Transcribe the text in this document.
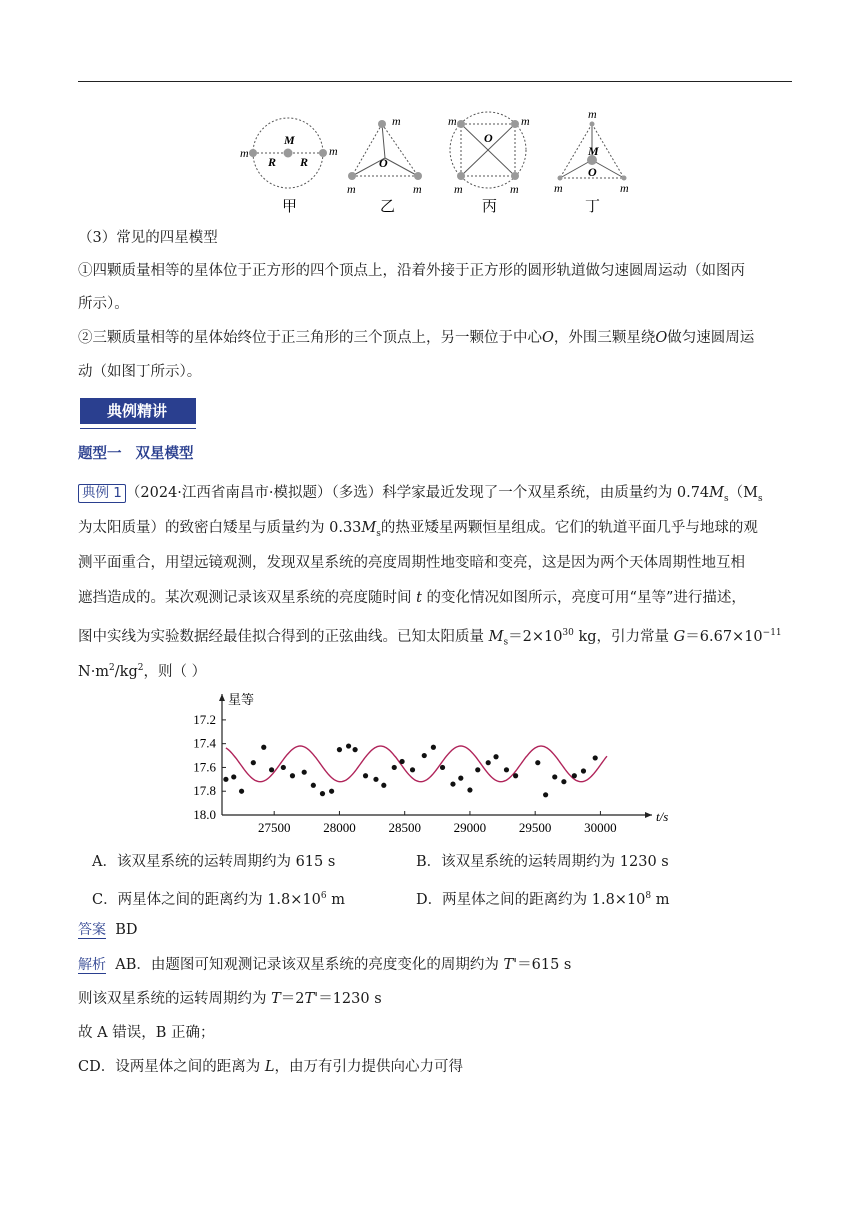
m	m
M
R R
甲
m
m	m
O
乙
m	m
m	m
O
丙
m
m	m
M
O
丁
（3）常见的四星模型
①四颗质量相等的星体位于正方形的四个顶点上，沿着外接于正方形的圆形轨道做匀速圆周运动（如图丙
所示）。
②三颗质量相等的星体始终位于正三角形的三个顶点上，另一颗位于中心O，外围三颗星绕O做匀速圆周运
动（如图丁所示）。
典例精讲
题型一 双星模型
典例 1 （2024·江西省南昌市·模拟题）（多选）科学家最近发现了一个双星系统，由质量约为 $0.74M_s(M_s$
为太阳质量）的致密白矮星与质量约为 $0.33M_s$的热亚矮星两颗恒星组成。它们的轨道平面几乎与地球的观
测平面重合，用望远镜观测，发现双星系统的亮度周期性地变暗和变亮，这是因为两个天体周期性地互相
遮挡造成的。某次观测记录该双星系统的亮度随时间 t 的变化情况如图所示，亮度可用“星等”进行描述，
图中实线为实验数据经最佳拟合得到的正弦曲线。已知太阳质量 $M_s=2\times 10^{30}$ kg，引力常量 $G=6.67\times 10^{-11}$
$N\cdot m^2/kg^2$，则（ ）
17.2
17.4
17.6
17.8
18.0
27500	28000	28500	29000	29500	30000
星等
t/s
A．该双星系统的运转周期约为 615 s	B．该双星系统的运转周期约为 1230 s
C．两星体之间的距离约为 $1.8\times 10^6$ m	D．两星体之间的距离约为 $1.8\times 10^8$ m
答案 BD
解析 AB．由题图可知观测记录该双星系统的亮度变化的周期约为 T'＝615 s
则该双星系统的运转周期约为 T＝2T'＝1230 s
故 A 错误，B 正确；
CD．设两星体之间的距离为 L，由万有引力提供向心力可得
